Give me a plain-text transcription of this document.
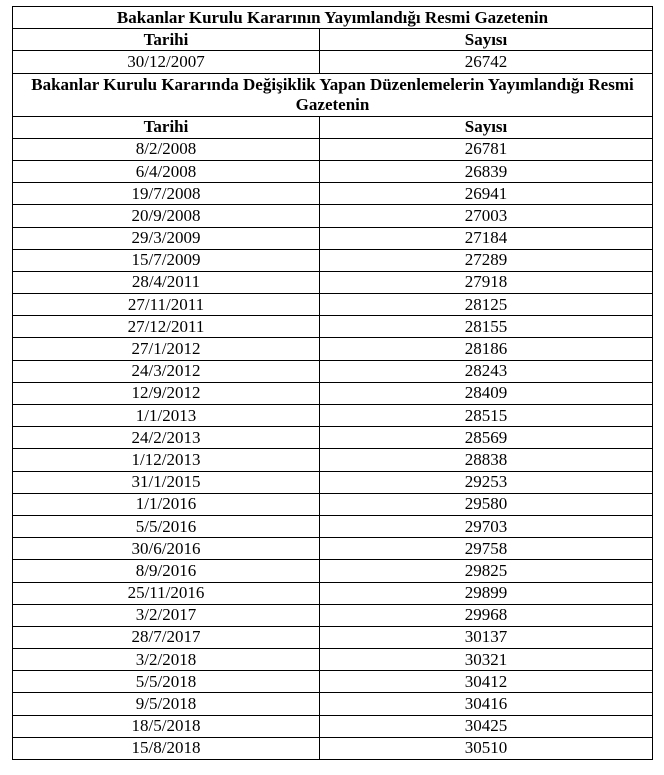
Bakanlar Kurulu Kararının Yayımlandığı Resmi Gazetenin	
Tarihi	Sayısı
30/12/2007	26742
Bakanlar Kurulu Kararında Değişiklik Yapan Düzenlemelerin Yayımlandığı Resmi Gazetenin	
Tarihi	Sayısı
8/2/2008	26781
6/4/2008	26839
19/7/2008	26941
20/9/2008	27003
29/3/2009	27184
15/7/2009	27289
28/4/2011	27918
27/11/2011	28125
27/12/2011	28155
27/1/2012	28186
24/3/2012	28243
12/9/2012	28409
1/1/2013	28515
24/2/2013	28569
1/12/2013	28838
31/1/2015	29253
1/1/2016	29580
5/5/2016	29703
30/6/2016	29758
8/9/2016	29825
25/11/2016	29899
3/2/2017	29968
28/7/2017	30137
3/2/2018	30321
5/5/2018	30412
9/5/2018	30416
18/5/2018	30425
15/8/2018	30510
